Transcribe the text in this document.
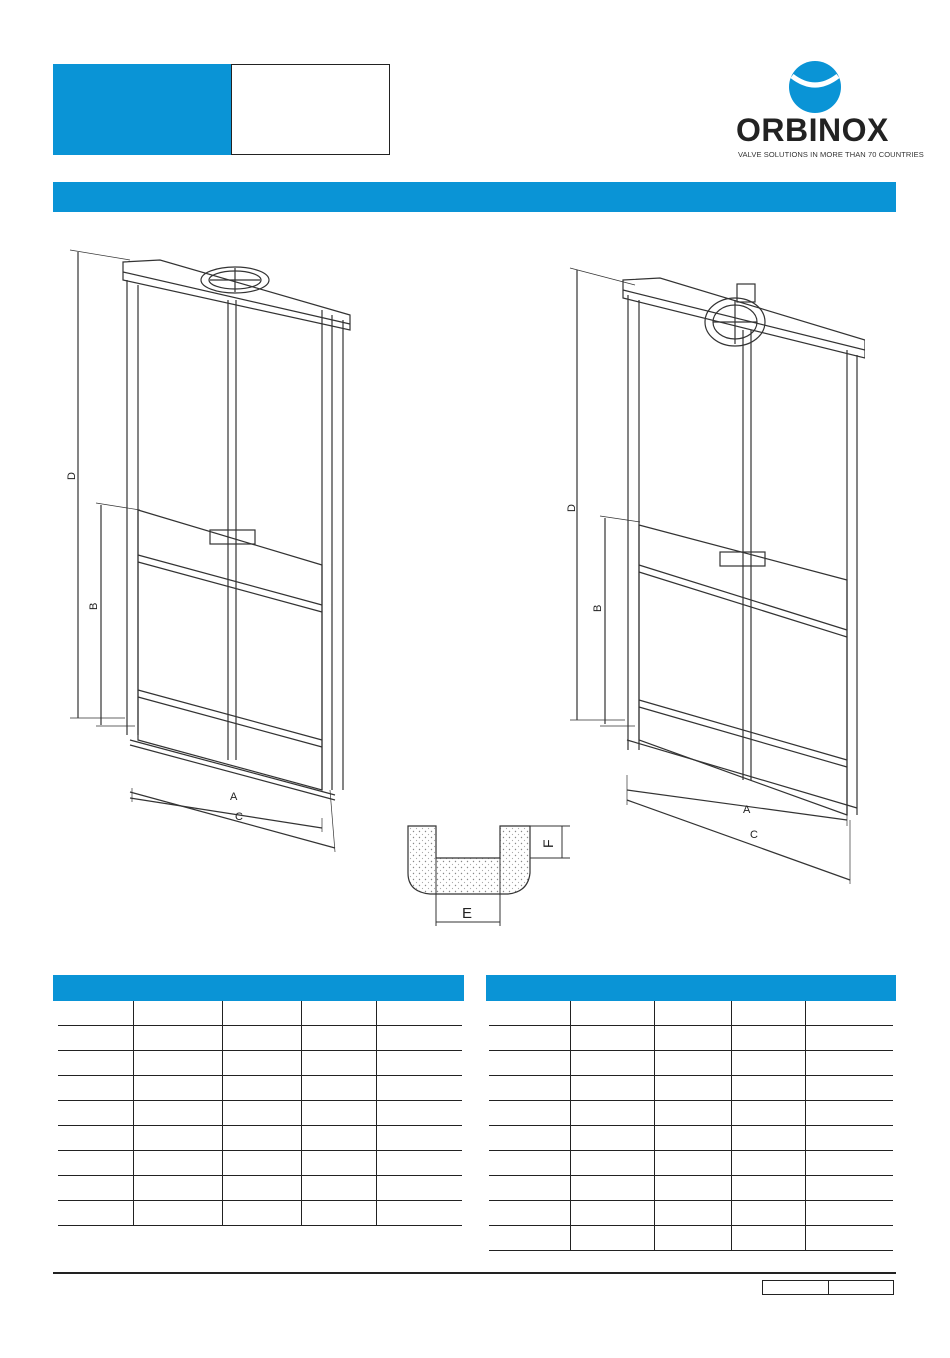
ORBINOX
VALVE SOLUTIONS IN MORE THAN 70 COUNTRIES
D
B
A
C
D
B
A
C
E
F
